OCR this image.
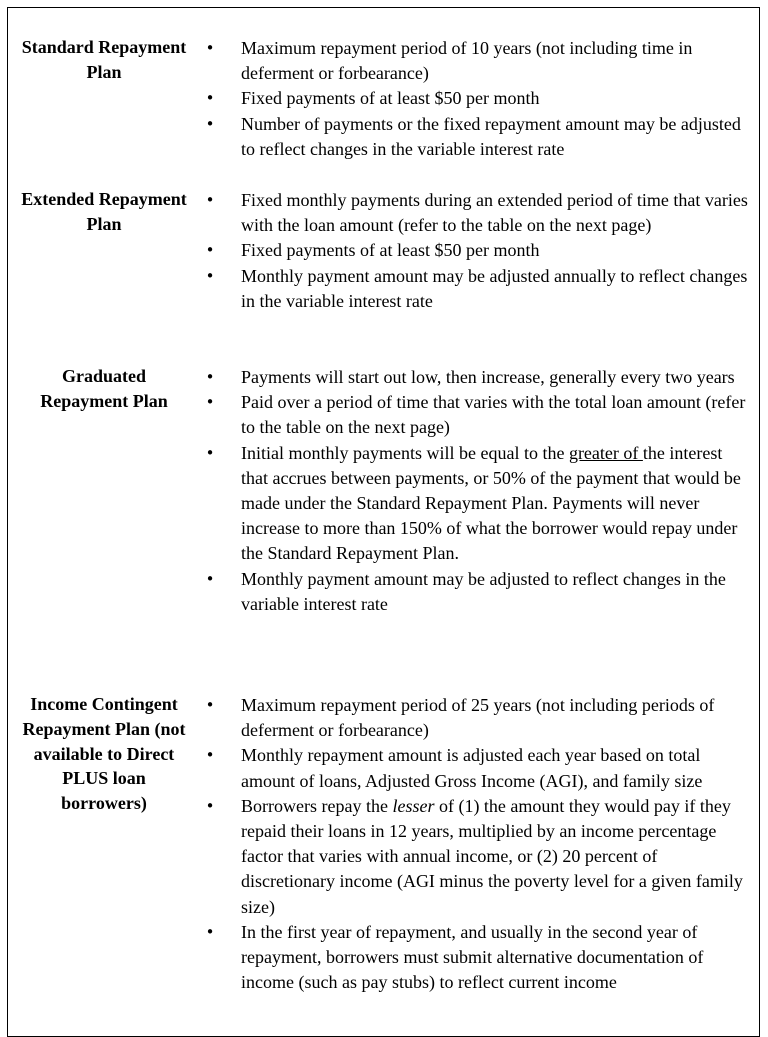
Standard Repayment Plan
• Maximum repayment period of 10 years (not including time in deferment or forbearance)
• Fixed payments of at least $50 per month
• Number of payments or the fixed repayment amount may be adjusted to reflect changes in the variable interest rate
Extended Repayment Plan
• Fixed monthly payments during an extended period of time that varies with the loan amount (refer to the table on the next page)
• Fixed payments of at least $50 per month
• Monthly payment amount may be adjusted annually to reflect changes in the variable interest rate
Graduated Repayment Plan
• Payments will start out low, then increase, generally every two years
• Paid over a period of time that varies with the total loan amount (refer to the table on the next page)
• Initial monthly payments will be equal to the greater of the interest that accrues between payments, or 50% of the payment that would be made under the Standard Repayment Plan. Payments will never increase to more than 150% of what the borrower would repay under the Standard Repayment Plan.
• Monthly payment amount may be adjusted to reflect changes in the variable interest rate
Income Contingent Repayment Plan (not available to Direct PLUS loan borrowers)
• Maximum repayment period of 25 years (not including periods of deferment or forbearance)
• Monthly repayment amount is adjusted each year based on total amount of loans, Adjusted Gross Income (AGI), and family size
• Borrowers repay the lesser of (1) the amount they would pay if they repaid their loans in 12 years, multiplied by an income percentage factor that varies with annual income, or (2) 20 percent of discretionary income (AGI minus the poverty level for a given family size)
• In the first year of repayment, and usually in the second year of repayment, borrowers must submit alternative documentation of income (such as pay stubs) to reflect current income
